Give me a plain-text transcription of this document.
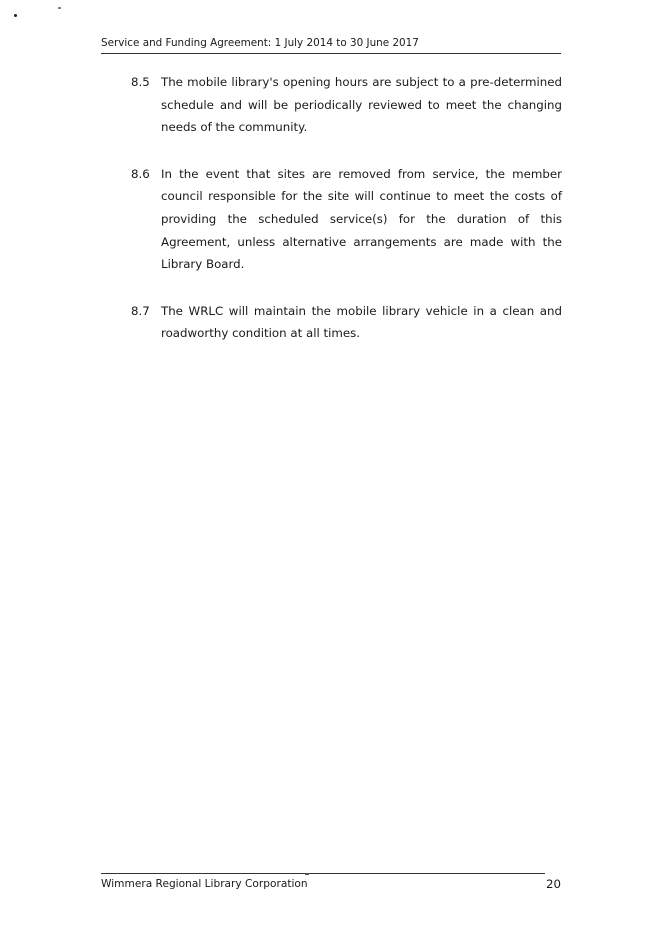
Service and Funding Agreement: 1 July 2014 to 30 June 2017
8.5 The mobile library's opening hours are subject to a pre-determined schedule and will be periodically reviewed to meet the changing needs of the community.
8.6 In the event that sites are removed from service, the member council responsible for the site will continue to meet the costs of providing the scheduled service(s) for the duration of this Agreement, unless alternative arrangements are made with the Library Board.
8.7 The WRLC will maintain the mobile library vehicle in a clean and roadworthy condition at all times.
Wimmera Regional Library Corporation	20
